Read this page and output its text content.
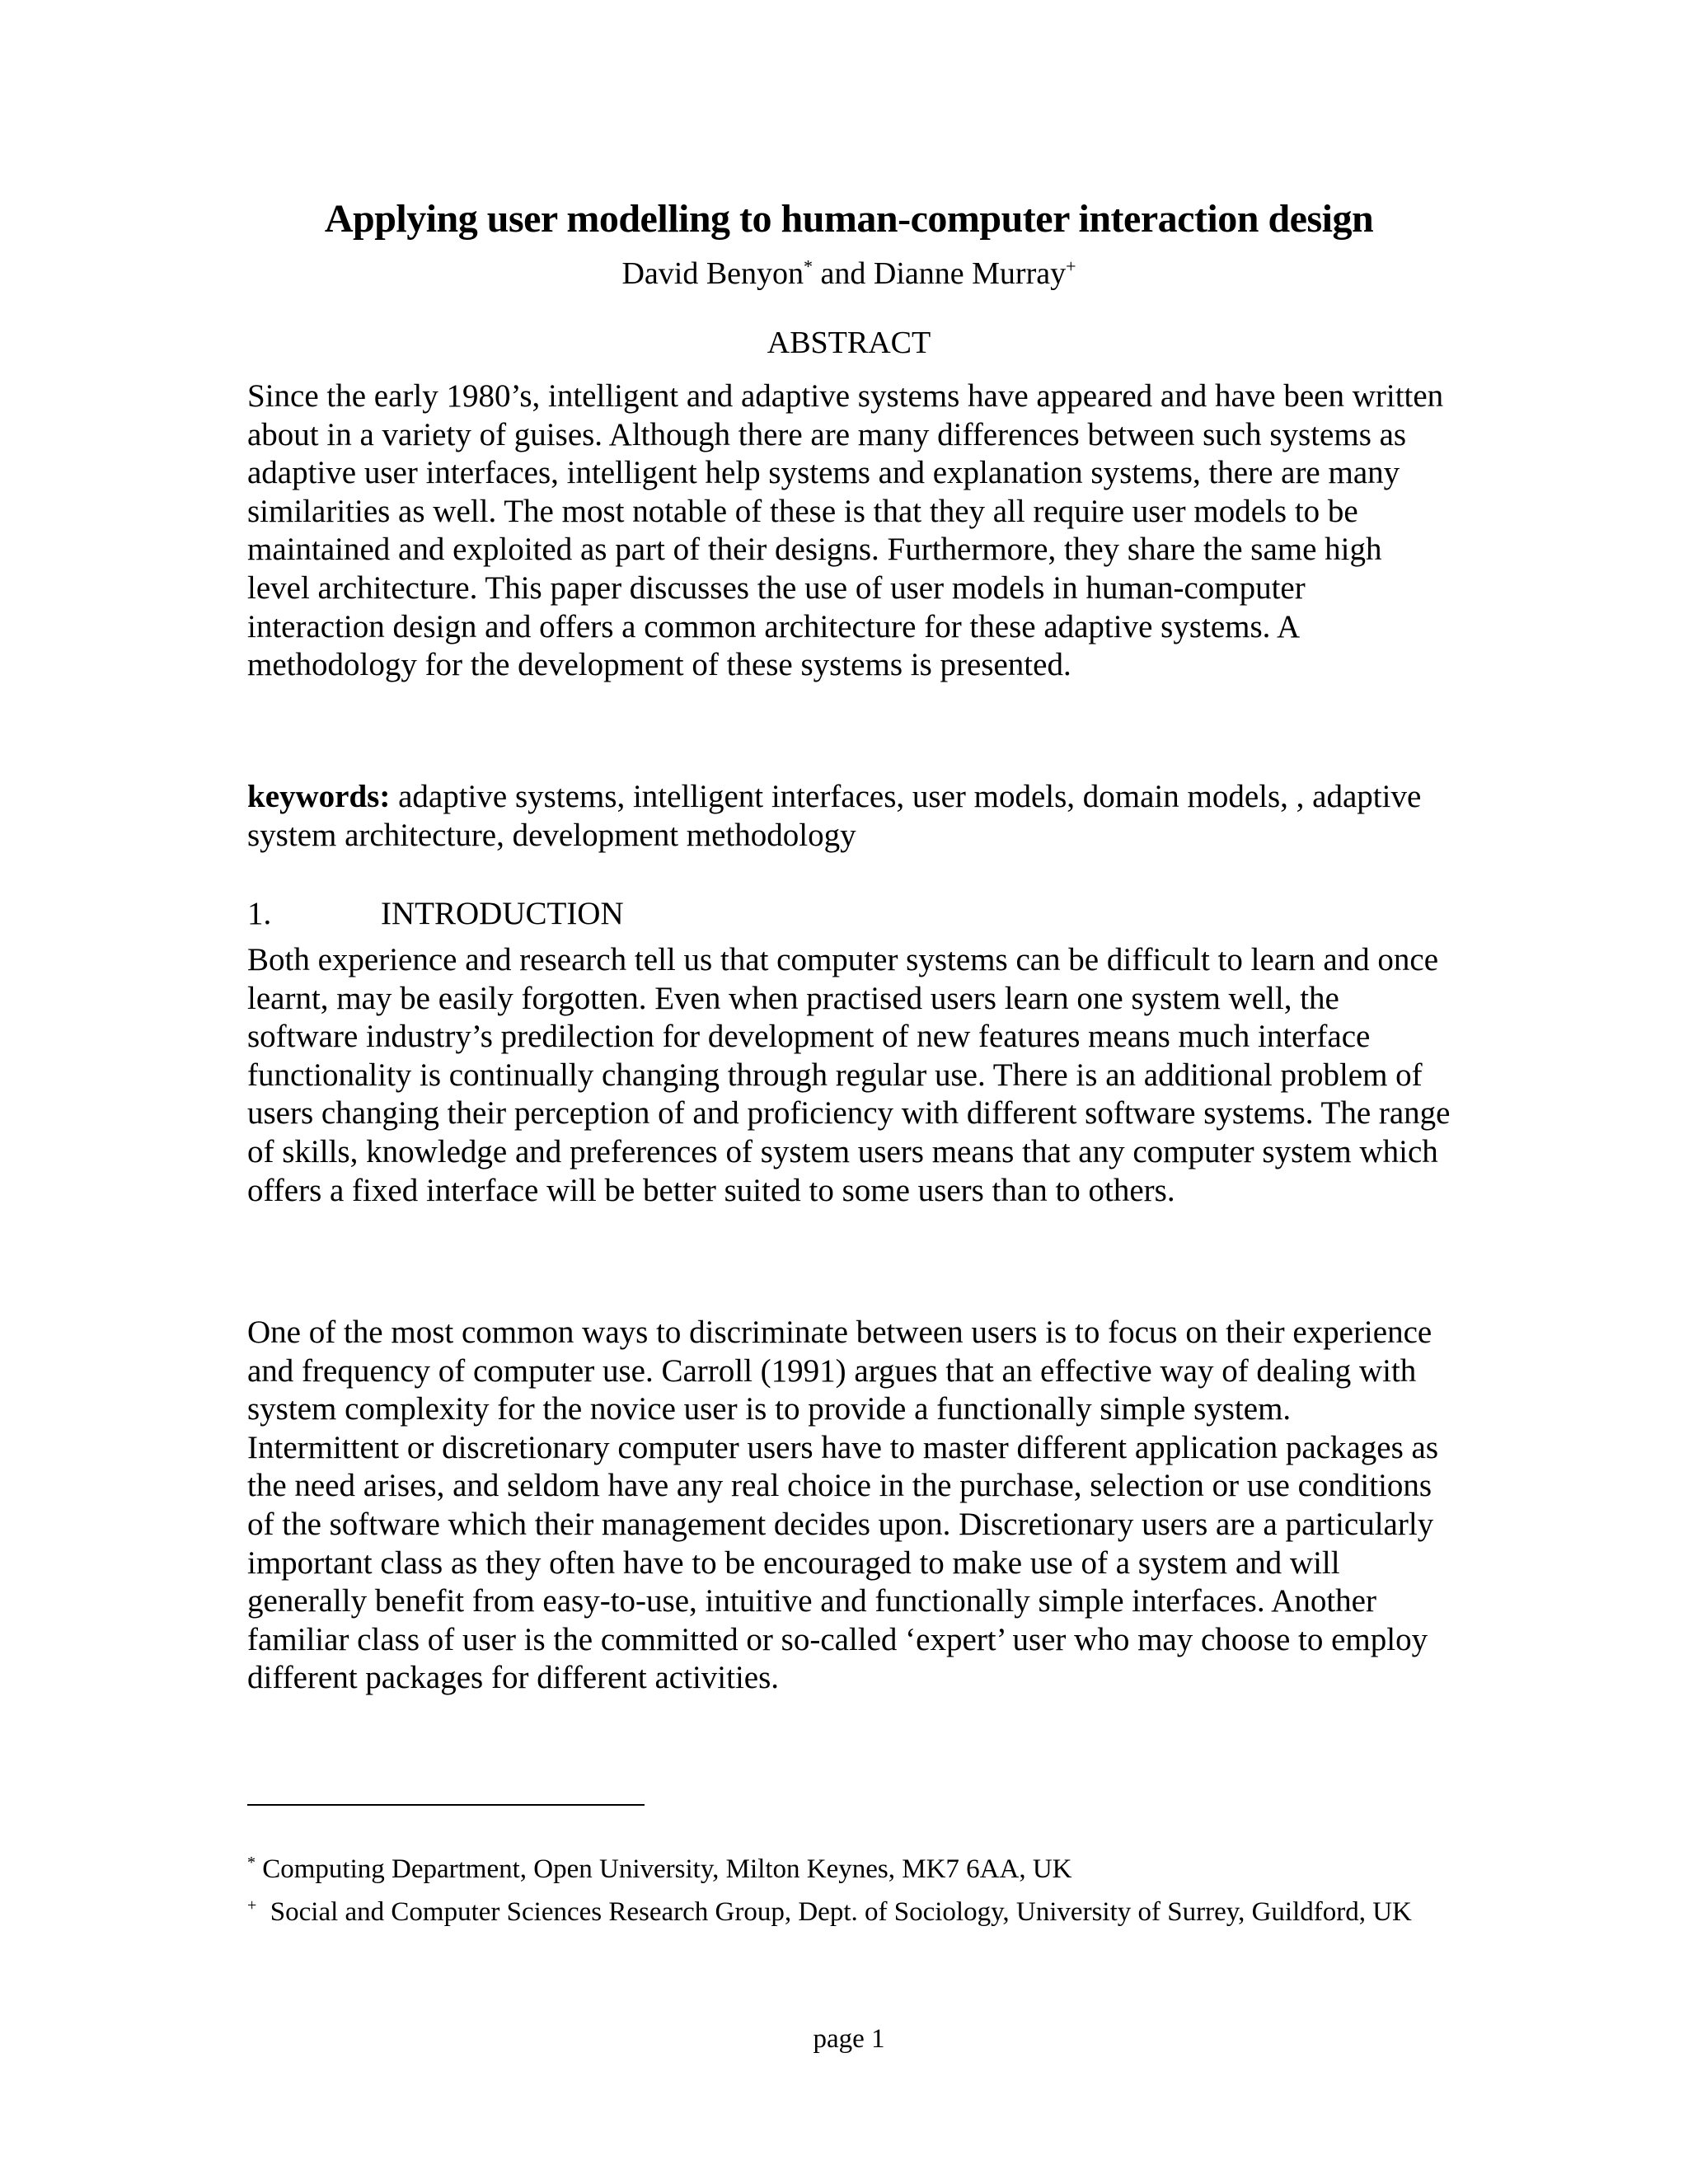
Applying user modelling to human-computer interaction design

David Benyon* and Dianne Murray+

ABSTRACT

Since the early 1980’s, intelligent and adaptive systems have appeared and have been written about in a variety of guises. Although there are many differences between such systems as adaptive user interfaces, intelligent help systems and explanation systems, there are many similarities as well. The most notable of these is that they all require user models to be maintained and exploited as part of their designs. Furthermore, they share the same high level architecture. This paper discusses the use of user models in human-computer interaction design and offers a common architecture for these adaptive systems. A methodology for the development of these systems is presented.

keywords: adaptive systems, intelligent interfaces, user models, domain models, , adaptive system architecture, development methodology

1.	INTRODUCTION

Both experience and research tell us that computer systems can be difficult to learn and once learnt, may be easily forgotten. Even when practised users learn one system well, the software industry’s predilection for development of new features means much interface functionality is continually changing through regular use. There is an additional problem of users changing their perception of and proficiency with different software systems. The range of skills, knowledge and preferences of system users means that any computer system which offers a fixed interface will be better suited to some users than to others.

One of the most common ways to discriminate between users is to focus on their experience and frequency of computer use. Carroll (1991) argues that an effective way of dealing with system complexity for the novice user is to provide a functionally simple system. Intermittent or discretionary computer users have to master different application packages as the need arises, and seldom have any real choice in the purchase, selection or use conditions of the software which their management decides upon. Discretionary users are a particularly important class as they often have to be encouraged to make use of a system and will generally benefit from easy-to-use, intuitive and functionally simple interfaces. Another familiar class of user is the committed or so-called ‘expert’ user who may choose to employ different packages for different activities.

* Computing Department, Open University, Milton Keynes, MK7 6AA, UK

+  Social and Computer Sciences Research Group, Dept. of Sociology, University of Surrey, Guildford, UK

page 1
